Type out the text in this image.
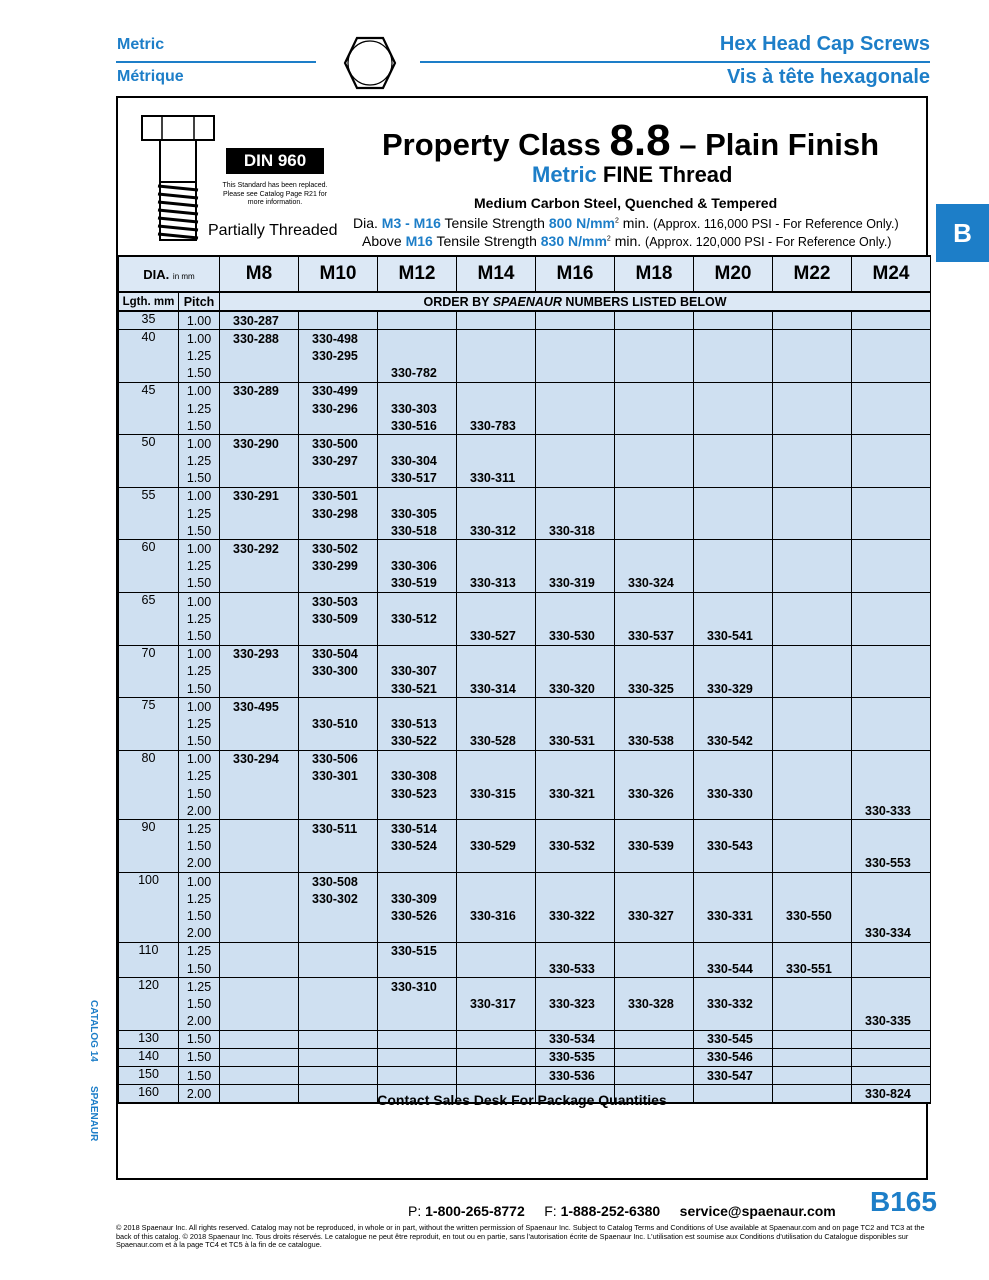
Metric
Métrique
Hex Head Cap Screws
Vis à tête hexagonale
B
CATALOG 14
SPAENAUR
DIN 960
This Standard has been replaced. Please see Catalog Page R21 for more information.
Partially Threaded
Property Class 8.8 – Plain Finish
Metric FINE Thread
Medium Carbon Steel, Quenched & Tempered
Dia. M3 - M16 Tensile Strength 800 $N/mm^2$ min. (Approx. 116,000 PSI - For Reference Only.)
Above M16 Tensile Strength 830 $N/mm^2$ min. (Approx. 120,000 PSI - For Reference Only.)
DIA. in mm		M8	M10	M12	M14	M16	M18	M20	M22	M24
Lgth. mm	Pitch	ORDER BY SPAENAUR NUMBERS LISTED BELOW								
35	1.00	330-287								
40	1.00	330-288	330-498							
	1.25		330-295							
	1.50			330-782						
45	1.00	330-289	330-499							
	1.25		330-296	330-303						
	1.50			330-516	330-783					
50	1.00	330-290	330-500							
	1.25		330-297	330-304						
	1.50			330-517	330-311					
55	1.00	330-291	330-501							
	1.25		330-298	330-305						
	1.50			330-518	330-312	330-318				
60	1.00	330-292	330-502							
	1.25		330-299	330-306						
	1.50			330-519	330-313	330-319	330-324			
65	1.00		330-503							
	1.25		330-509	330-512						
	1.50				330-527	330-530	330-537	330-541		
70	1.00	330-293	330-504							
	1.25		330-300	330-307						
	1.50			330-521	330-314	330-320	330-325	330-329		
75	1.00	330-495								
	1.25		330-510	330-513						
	1.50			330-522	330-528	330-531	330-538	330-542		
80	1.00	330-294	330-506							
	1.25		330-301	330-308						
	1.50			330-523	330-315	330-321	330-326	330-330		
	2.00									330-333
90	1.25		330-511	330-514						
	1.50			330-524	330-529	330-532	330-539	330-543		
	2.00									330-553
100	1.00		330-508							
	1.25		330-302	330-309						
	1.50			330-526	330-316	330-322	330-327	330-331	330-550	
	2.00									330-334
110	1.25			330-515						
	1.50					330-533		330-544	330-551	
120	1.25			330-310						
	1.50				330-317	330-323	330-328	330-332		
	2.00									330-335
130	1.50					330-534		330-545		
140	1.50					330-535		330-546		
150	1.50					330-536		330-547		
160	2.00									330-824
Contact Sales Desk For Package Quantities
P: 1-800-265-8772 F: 1-888-252-6380 service@spaenaur.com B165
© 2018 Spaenaur Inc. All rights reserved. Catalog may not be reproduced, in whole or in part, without the written permission of Spaenaur Inc. Subject to Catalog Terms and Conditions of Use available at Spaenaur.com and on page TC2 and TC3 at the back of this catalog. © 2018 Spaenaur Inc. Tous droits réservés. Le catalogue ne peut être reproduit, en tout ou en partie, sans l'autorisation écrite de Spaenaur Inc. L'utilisation est soumise aux Conditions d'utilisation du Catalogue disponibles sur Spaenaur.com et à la page TC4 et TC5 à la fin de ce catalogue.
